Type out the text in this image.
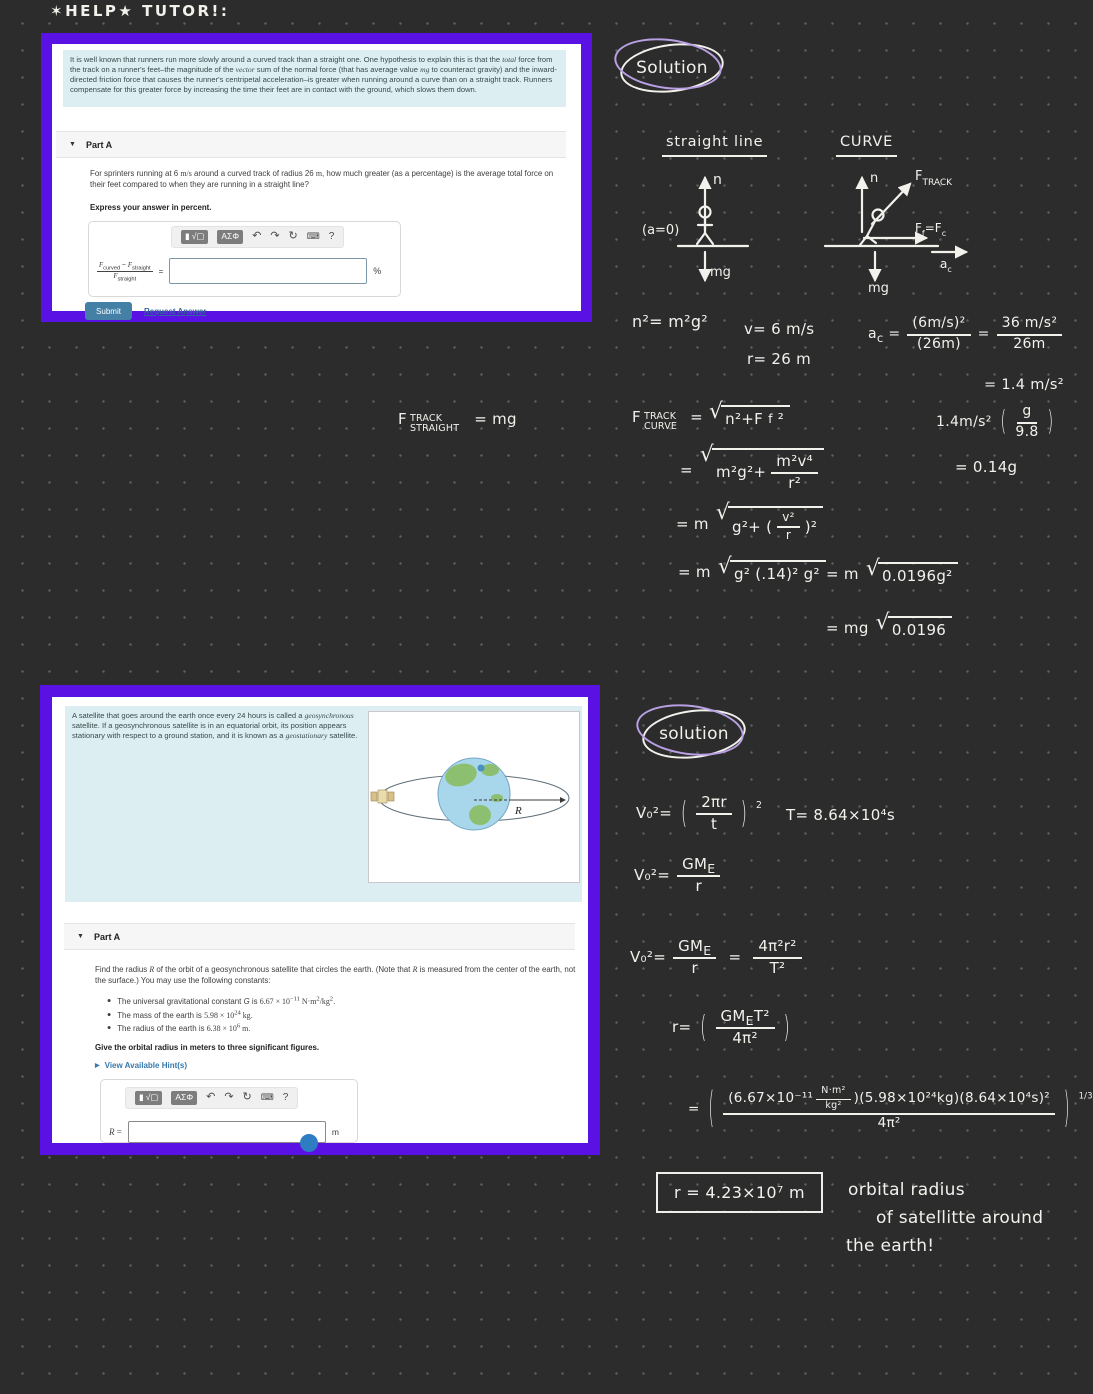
✶HELP★ TUTOR!:
It is well known that runners run more slowly around a curved track than a straight one. One hypothesis to explain this is that the total force from the track on a runner's feet–the magnitude of the vector sum of the normal force (that has average value mg to counteract gravity) and the inward-directed friction force that causes the runner's centripetal acceleration–is greater when running around a curve than on a straight track. Runners compensate for this greater force by increasing the time their feet are in contact with the ground, which slows them down.
▼ Part A
For sprinters running at 6 m/s around a curved track of radius 26 m, how much greater (as a percentage) is the average total force on their feet compared to when they are running in a straight line?
Express your answer in percent.
▮ √▢	ΑΣΦ	↶ ↷ ↻ ⌨ ?
$\frac{F_{curved} - F_{straight}}{F_{straight}}$ =	%
Submit	Request Answer
A satellite that goes around the earth once every 24 hours is called a geosynchronous satellite. If a geosynchronous satellite is in an equatorial orbit, its position appears stationary with respect to a ground station, and it is known as a geostationary satellite.
R
▼ Part A
Find the radius R of the orbit of a geosynchronous satellite that circles the earth. (Note that R is measured from the center of the earth, not the surface.) You may use the following constants:
● The universal gravitational constant G is $6.67 \times 10^{-11}$ $N\cdot m^2/kg^2$.
● The mass of the earth is $5.98 \times 10^{24}$ kg.
● The radius of the earth is $6.38 \times 10^6$ m.
Give the orbital radius in meters to three significant figures.
▶ View Available Hint(s)
▮ √▢	ΑΣΦ	↶ ↷ ↻ ⌨ ?
R =	m
Solution
straight line	CURVE
n
(a=0)
mg
n	$F_{TRACK}$
$F_f=F_c$
$a_c$
mg
n²= m²g² v= 6 m/s
r= 26 m
$a_c = \frac{\text{(6m/s)²}}{(26m)} = \frac{\text{36 m/s²}}{26m}$
= 1.4 m/s²
1.4m/s² ( $\frac{g}{9.8}$ )
= 0.14g
F TRACK
STRAIGHT
= mg	F TRACK
CURVE
= √ n²+F f ²
=
√
$m^2g^2+ \frac{\text{m²v⁴}}{\text{r²}}$
= m √
g²+ ( $\frac{\text{v²}}{r} )^2$
= m √ g² (.14)² g² = m √ 0.0196g²
= mg √ 0.0196
solution
V₀²= ( $\frac{2\pi r}{t}$ ) 2
T= 8.64×10⁴s
$V_0^2= \frac{GM_E}{r}$
$V_0^2= \frac{GM_E}{r} = \frac{\text{4π²r²}}{\text{T²}}$
r= ( $\frac{GM_ET^2}{\text{4π²}}$ )
= ( $\frac{(6.67\times 10^{-11} \frac{\text{N·m²}}{\text{kg²}} )(5.98\times 10^{24}kg)(8.64\times 10^4s)^2}{\text{4π²}}$ ) 1/3
r = 4.23×10⁷ m	orbital radius
of satellitte around
the earth!
